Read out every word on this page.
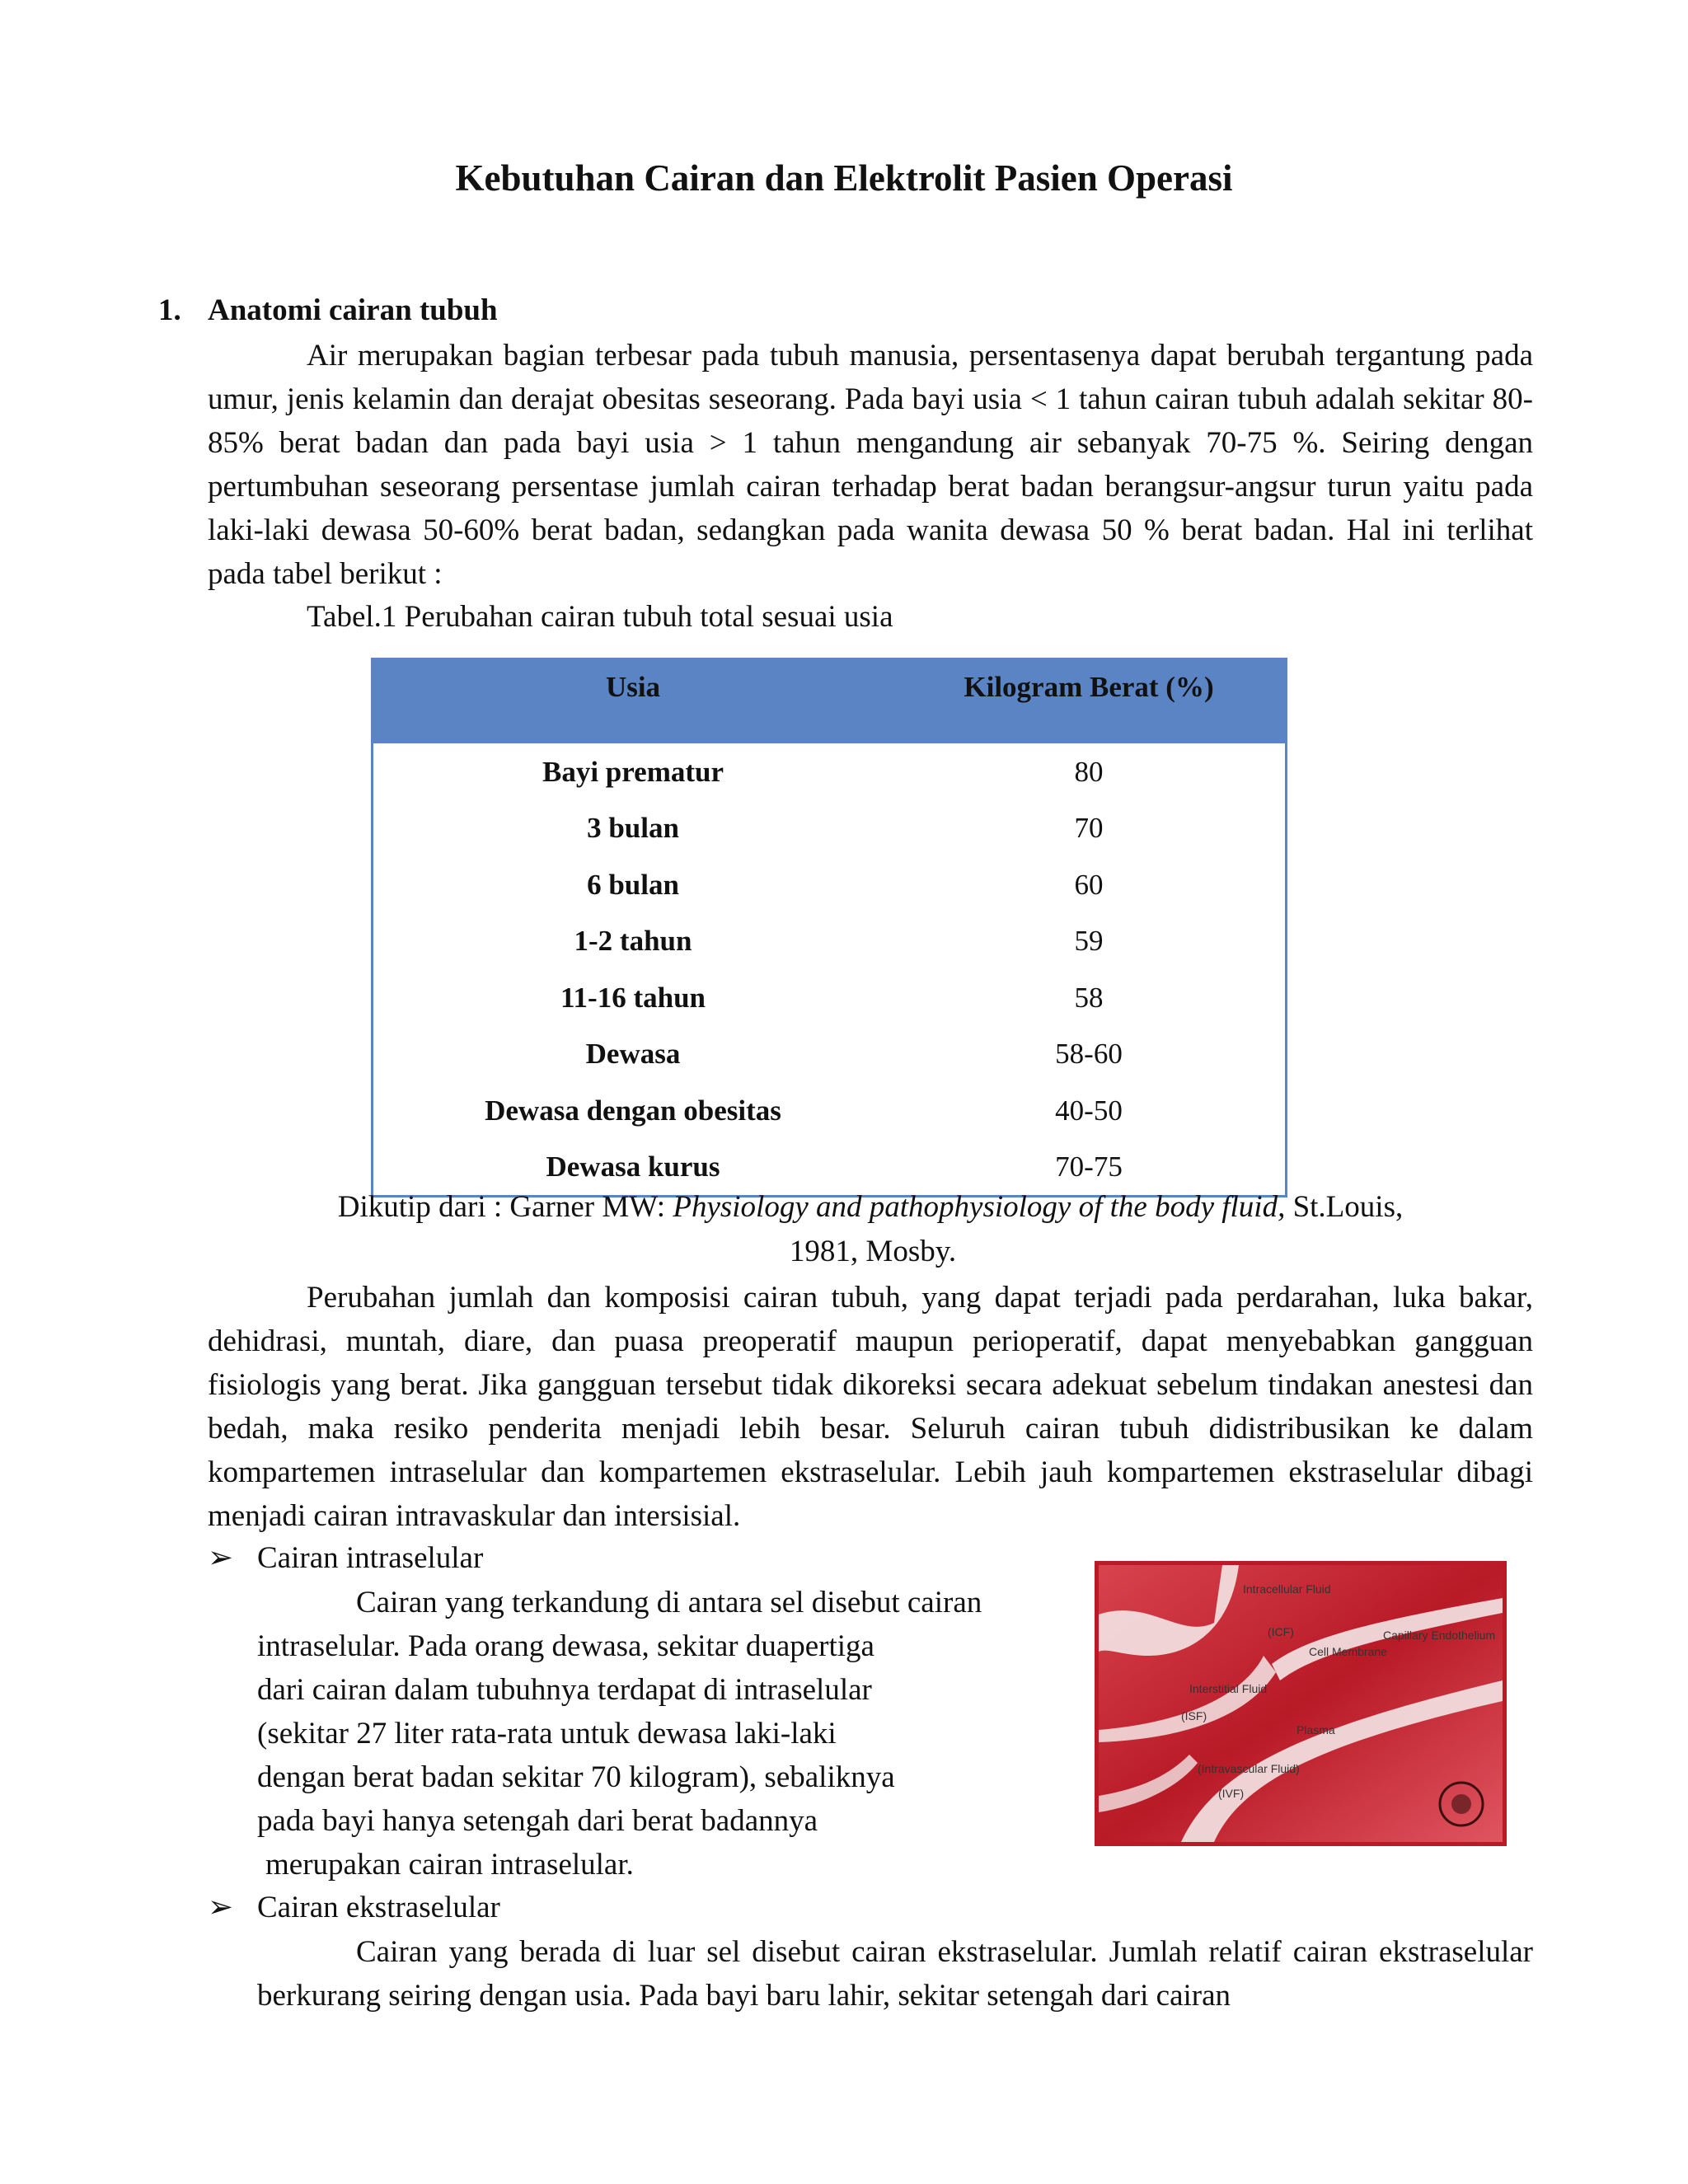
Kebutuhan Cairan dan Elektrolit Pasien Operasi
1. Anatomi cairan tubuh

Air merupakan bagian terbesar pada tubuh manusia, persentasenya dapat berubah tergantung pada umur, jenis kelamin dan derajat obesitas seseorang. Pada bayi usia < 1 tahun cairan tubuh adalah sekitar 80-85% berat badan dan pada bayi usia > 1 tahun mengandung air sebanyak 70-75 %. Seiring dengan pertumbuhan seseorang persentase jumlah cairan terhadap berat badan berangsur-angsur turun yaitu pada laki-laki dewasa 50-60% berat badan, sedangkan pada wanita dewasa 50 % berat badan. Hal ini terlihat pada tabel berikut :

Tabel.1 Perubahan cairan tubuh total sesuai usia
Usia	Kilogram Berat (%)
Bayi prematur	80
3 bulan	70
6 bulan	60
1-2 tahun	59
11-16 tahun	58
Dewasa	58-60
Dewasa dengan obesitas	40-50
Dewasa kurus	70-75
Dikutip dari : Garner MW: Physiology and pathophysiology of the body fluid, St.Louis,
1981, Mosby.

Perubahan jumlah dan komposisi cairan tubuh, yang dapat terjadi pada perdarahan, luka bakar, dehidrasi, muntah, diare, dan puasa preoperatif maupun perioperatif, dapat menyebabkan gangguan fisiologis yang berat. Jika gangguan tersebut tidak dikoreksi secara adekuat sebelum tindakan anestesi dan bedah, maka resiko penderita menjadi lebih besar. Seluruh cairan tubuh didistribusikan ke dalam kompartemen intraselular dan kompartemen ekstraselular. Lebih jauh kompartemen ekstraselular dibagi menjadi cairan intravaskular dan intersisial.

➢ Cairan intraselular
Cairan yang terkandung di antara sel disebut cairan
intraselular. Pada orang dewasa, sekitar duapertiga
dari cairan dalam tubuhnya terdapat di intraselular
(sekitar 27 liter rata-rata untuk dewasa laki-laki
dengan berat badan sekitar 70 kilogram), sebaliknya
pada bayi hanya setengah dari berat badannya
merupakan cairan intraselular.
Intracellular Fluid
(ICF)
Cell Membrane
Capillary Endothelium
Interstitial Fluid
(ISF)
Plasma
(Intravascular Fluid)
(IVF)
➢ Cairan ekstraselular

Cairan yang berada di luar sel disebut cairan ekstraselular. Jumlah relatif cairan ekstraselular berkurang seiring dengan usia. Pada bayi baru lahir, sekitar setengah dari cairan
